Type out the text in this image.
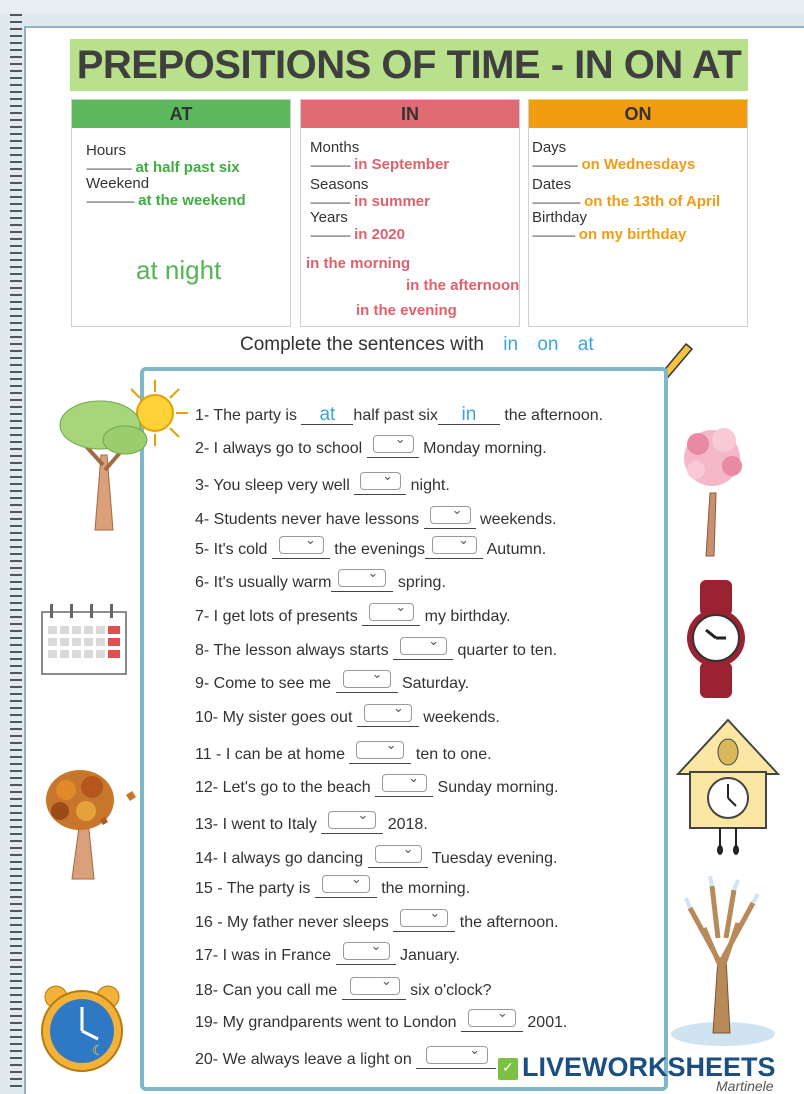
PREPOSITIONS OF TIME - IN ON AT
AT
Hours
----------------- at half past six
Weekend
------------------ at the weekend
at night
IN
Months
--------------- in September
Seasons
--------------- in summer
Years
--------------- in 2020
in the morning
in the afternoon
in the evening
ON
Days
----------------- on Wednesdays
Dates
------------------ on the 13th of April
Birthday
---------------- on my birthday
Complete the sentences with in on at
1- The party is at half past six in the afternoon.
2- I always go to school ⌄	Monday morning.
3- You sleep very well ⌄	night.
4- Students never have lessons ⌄	weekends.
5- It's cold ⌄	the evenings ⌄	Autumn.
6- It's usually warm ⌄	spring.
7- I get lots of presents ⌄	my birthday.
8- The lesson always starts ⌄	quarter to ten.
9- Come to see me ⌄	Saturday.
10- My sister goes out ⌄	weekends.
11 - I can be at home ⌄	ten to one.
12- Let's go to the beach ⌄	Sunday morning.
13- I went to Italy ⌄	2018.
14- I always go dancing ⌄	Tuesday evening.
15 - The party is ⌄	the morning.
16 - My father never sleeps ⌄	the afternoon.
17- I was in France ⌄	January.
18- Can you call me ⌄	six o'clock?
19- My grandparents went to London ⌄	2001.
20- We always leave a light on
⌄
☾
✓
LIVEWORKSHEETS
Martinele
